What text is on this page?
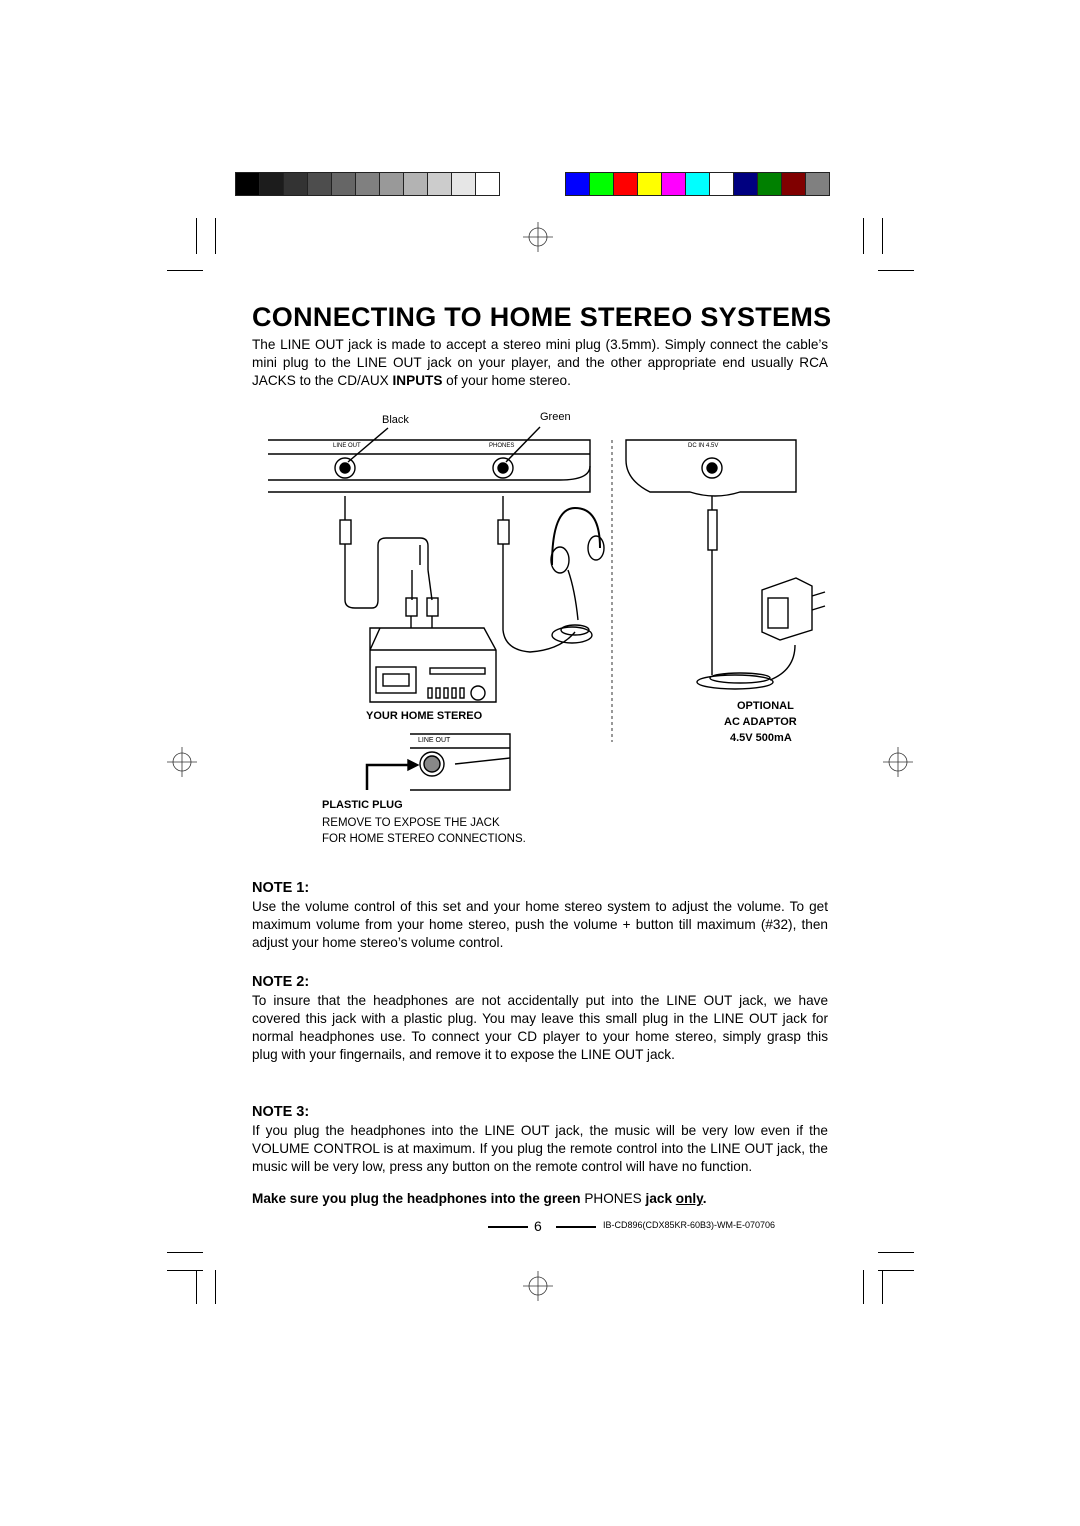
CONNECTING TO HOME STEREO SYSTEMS

The LINE OUT jack is made to accept a stereo mini plug (3.5mm). Simply connect the cable’s mini plug to the LINE OUT jack on your player, and the other appropriate end usually RCA JACKS to the CD/AUX INPUTS of your home stereo.

Black	Green
LINE OUT	PHONES	DC IN 4.5V
YOUR HOME STEREO
OPTIONAL
AC ADAPTOR
4.5V 500mA
LINE OUT
PLASTIC PLUG
REMOVE TO EXPOSE THE JACK
FOR HOME STEREO CONNECTIONS.

NOTE 1:

Use the volume control of this set and your home stereo system to adjust the volume. To get maximum volume from your home stereo, push the volume + button till maximum (#32), then adjust your home stereo’s volume control.

NOTE 2:

To insure that the headphones are not accidentally put into the LINE OUT jack, we have covered this jack with a plastic plug. You may leave this small plug in the LINE OUT jack for normal headphones use. To connect your CD player to your home stereo, simply grasp this plug with your fingernails, and remove it to expose the LINE OUT jack.

NOTE 3:

If you plug the headphones into the LINE OUT jack, the music will be very low even if the VOLUME CONTROL is at maximum. If you plug the remote control into the LINE OUT jack, the music will be very low, press any button on the remote control will have no function.

Make sure you plug the headphones into the green PHONES jack only.

6	IB-CD896(CDX85KR-60B3)-WM-E-070706
